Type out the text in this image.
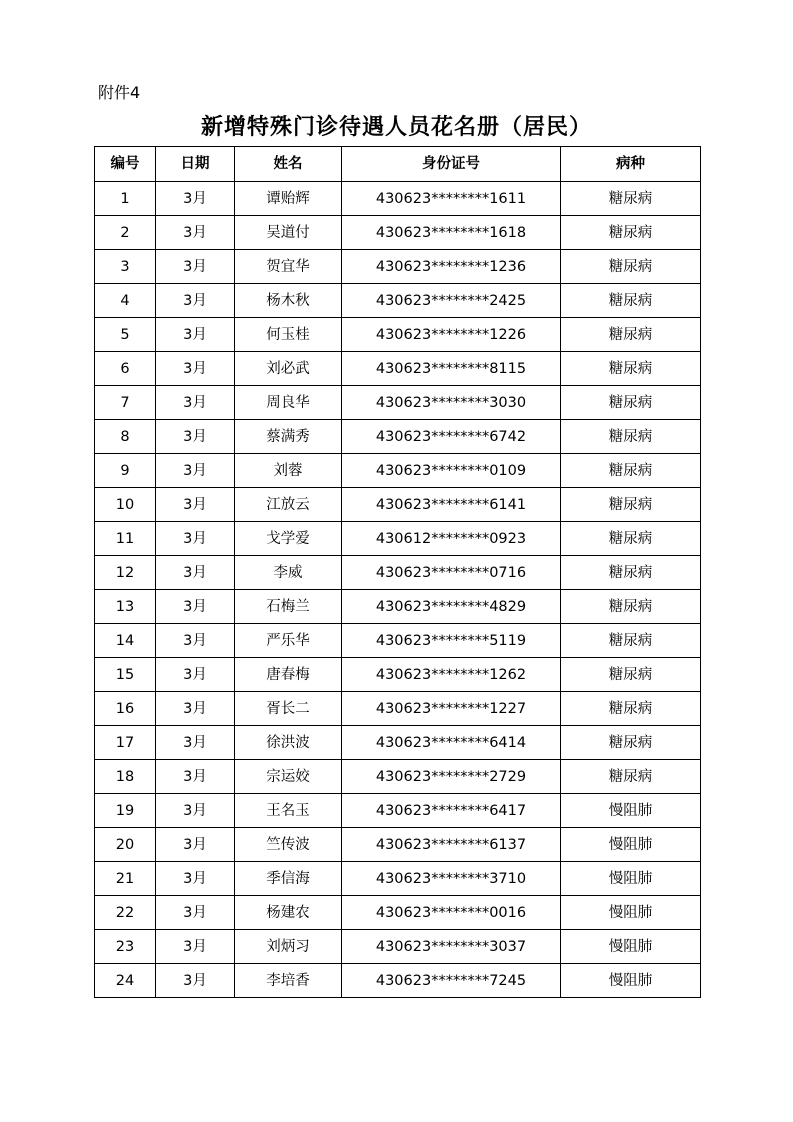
附件4
新增特殊门诊待遇人员花名册（居民）
编号	日期	姓名	身份证号	病种
1	3月	谭贻辉	430623********1611	糖尿病
2	3月	吴道付	430623********1618	糖尿病
3	3月	贺宜华	430623********1236	糖尿病
4	3月	杨木秋	430623********2425	糖尿病
5	3月	何玉桂	430623********1226	糖尿病
6	3月	刘必武	430623********8115	糖尿病
7	3月	周良华	430623********3030	糖尿病
8	3月	蔡满秀	430623********6742	糖尿病
9	3月	刘蓉	430623********0109	糖尿病
10	3月	江放云	430623********6141	糖尿病
11	3月	戈学爱	430612********0923	糖尿病
12	3月	李威	430623********0716	糖尿病
13	3月	石梅兰	430623********4829	糖尿病
14	3月	严乐华	430623********5119	糖尿病
15	3月	唐春梅	430623********1262	糖尿病
16	3月	胥长二	430623********1227	糖尿病
17	3月	徐洪波	430623********6414	糖尿病
18	3月	宗运姣	430623********2729	糖尿病
19	3月	王名玉	430623********6417	慢阻肺
20	3月	竺传波	430623********6137	慢阻肺
21	3月	季信海	430623********3710	慢阻肺
22	3月	杨建农	430623********0016	慢阻肺
23	3月	刘炳习	430623********3037	慢阻肺
24	3月	李培香	430623********7245	慢阻肺
